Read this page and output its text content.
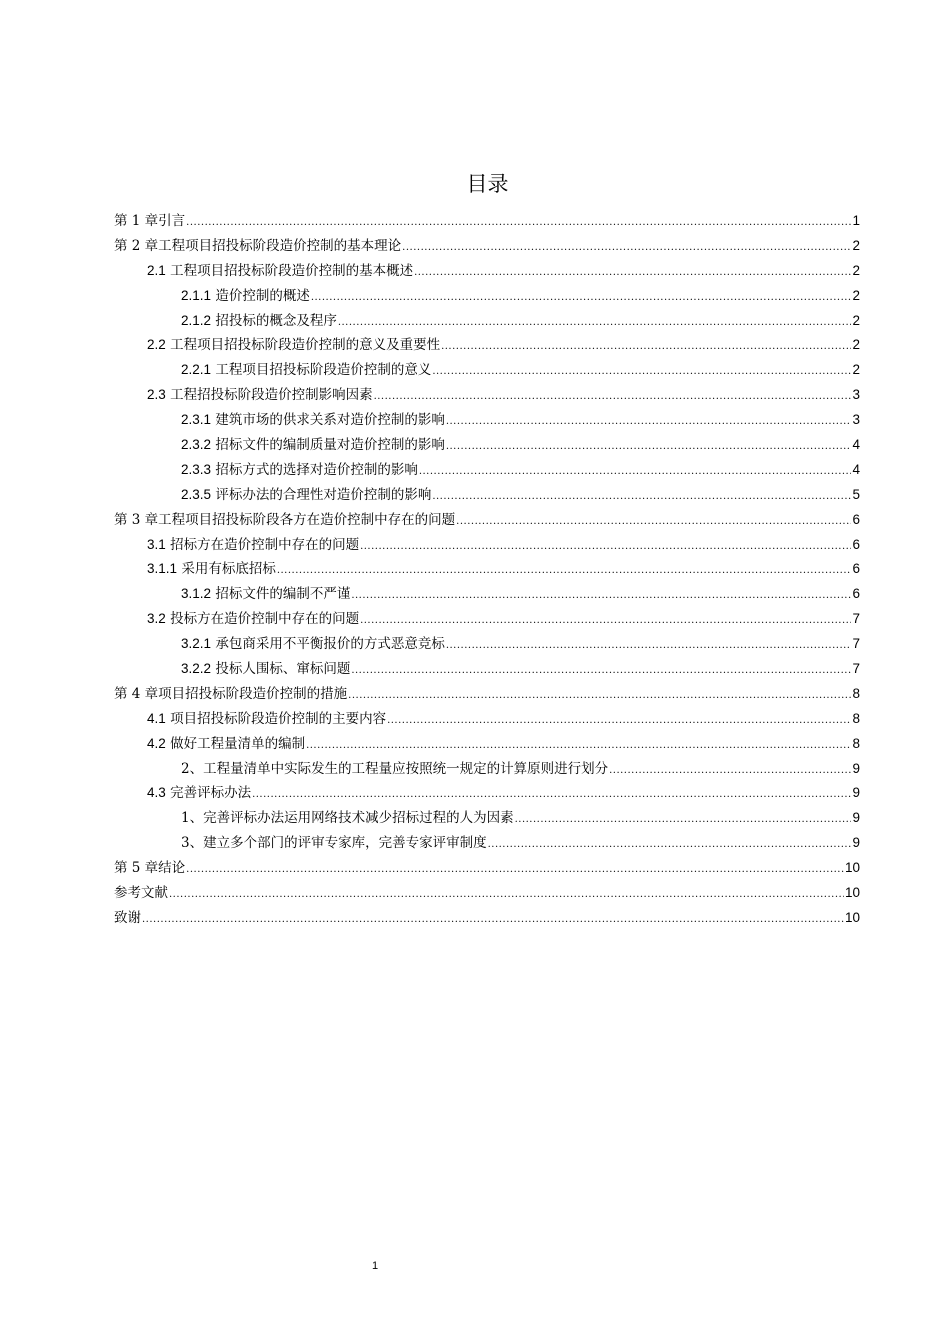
目录
第 1 章引言 .....	1
第 2 章工程项目招投标阶段造价控制的基本理论 .....	2
2.1 工程项目招投标阶段造价控制的基本概述 .....	2
2.1.1 造价控制的概述 .....	2
2.1.2 招投标的概念及程序 .....	2
2.2 工程项目招投标阶段造价控制的意义及重要性 .....	2
2.2.1 工程项目招投标阶段造价控制的意义 .....	2
2.3 工程招投标阶段造价控制影响因素 .....	3
2.3.1 建筑市场的供求关系对造价控制的影响 .....	3
2.3.2 招标文件的编制质量对造价控制的影响 .....	4
2.3.3 招标方式的选择对造价控制的影响 .....	4
2.3.5 评标办法的合理性对造价控制的影响 .....	5
第 3 章工程项目招投标阶段各方在造价控制中存在的问题 .....	6
3.1 招标方在造价控制中存在的问题 .....	6
3.1.1 采用有标底招标 .....	6
3.1.2 招标文件的编制不严谨 .....	6
3.2 投标方在造价控制中存在的问题 .....	7
3.2.1 承包商采用不平衡报价的方式恶意竞标 .....	7
3.2.2 投标人围标、窜标问题 .....	7
第 4 章项目招投标阶段造价控制的措施 .....	8
4.1 项目招投标阶段造价控制的主要内容 .....	8
4.2 做好工程量清单的编制 .....	8
2、工程量清单中实际发生的工程量应按照统一规定的计算原则进行划分 .....	9
4.3 完善评标办法 .....	9
1、完善评标办法运用网络技术减少招标过程的人为因素 .....	9
3、建立多个部门的评审专家库，完善专家评审制度 .....	9
第 5 章结论 .....	10
参考文献 .....	10
致谢 .....	10
1
